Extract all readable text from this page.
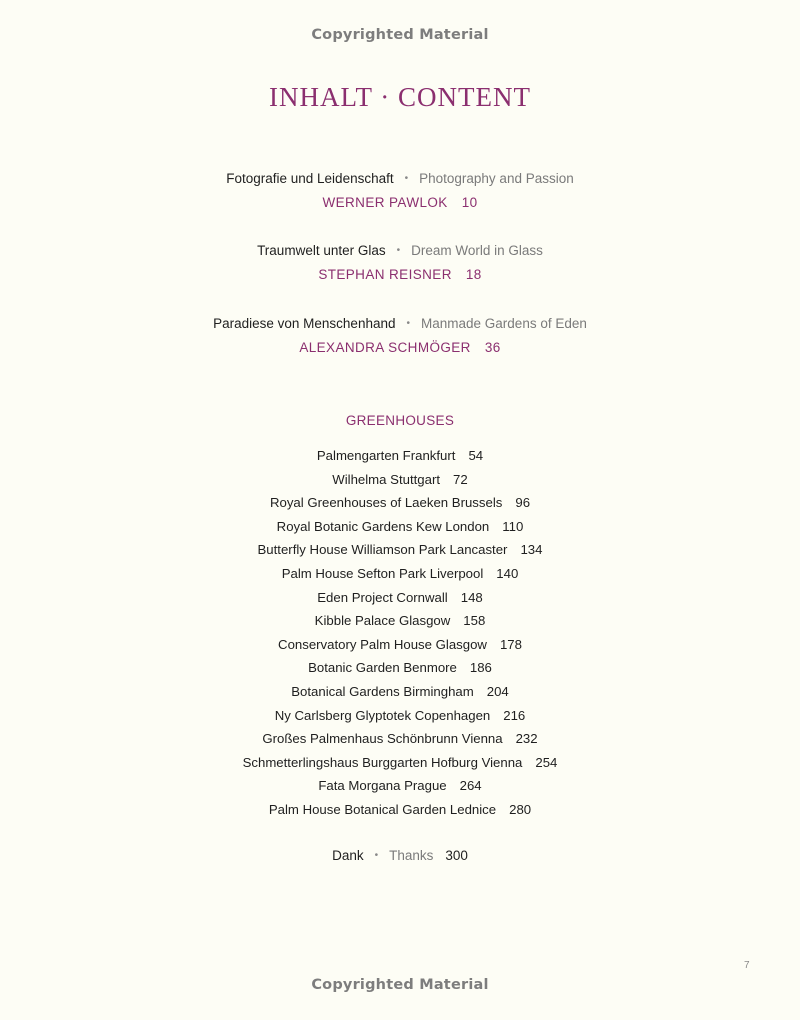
Copyrighted Material
INHALT · CONTENT
Fotografie und Leidenschaft • Photography and Passion
WERNER PAWLOK 10
Traumwelt unter Glas • Dream World in Glass
STEPHAN REISNER 18
Paradiese von Menschenhand • Manmade Gardens of Eden
ALEXANDRA SCHMÖGER 36
GREENHOUSES
Palmengarten Frankfurt 54
Wilhelma Stuttgart 72
Royal Greenhouses of Laeken Brussels 96
Royal Botanic Gardens Kew London 110
Butterfly House Williamson Park Lancaster 134
Palm House Sefton Park Liverpool 140
Eden Project Cornwall 148
Kibble Palace Glasgow 158
Conservatory Palm House Glasgow 178
Botanic Garden Benmore 186
Botanical Gardens Birmingham 204
Ny Carlsberg Glyptotek Copenhagen 216
Großes Palmenhaus Schönbrunn Vienna 232
Schmetterlingshaus Burggarten Hofburg Vienna 254
Fata Morgana Prague 264
Palm House Botanical Garden Lednice 280
Dank • Thanks 300
7
Copyrighted Material
